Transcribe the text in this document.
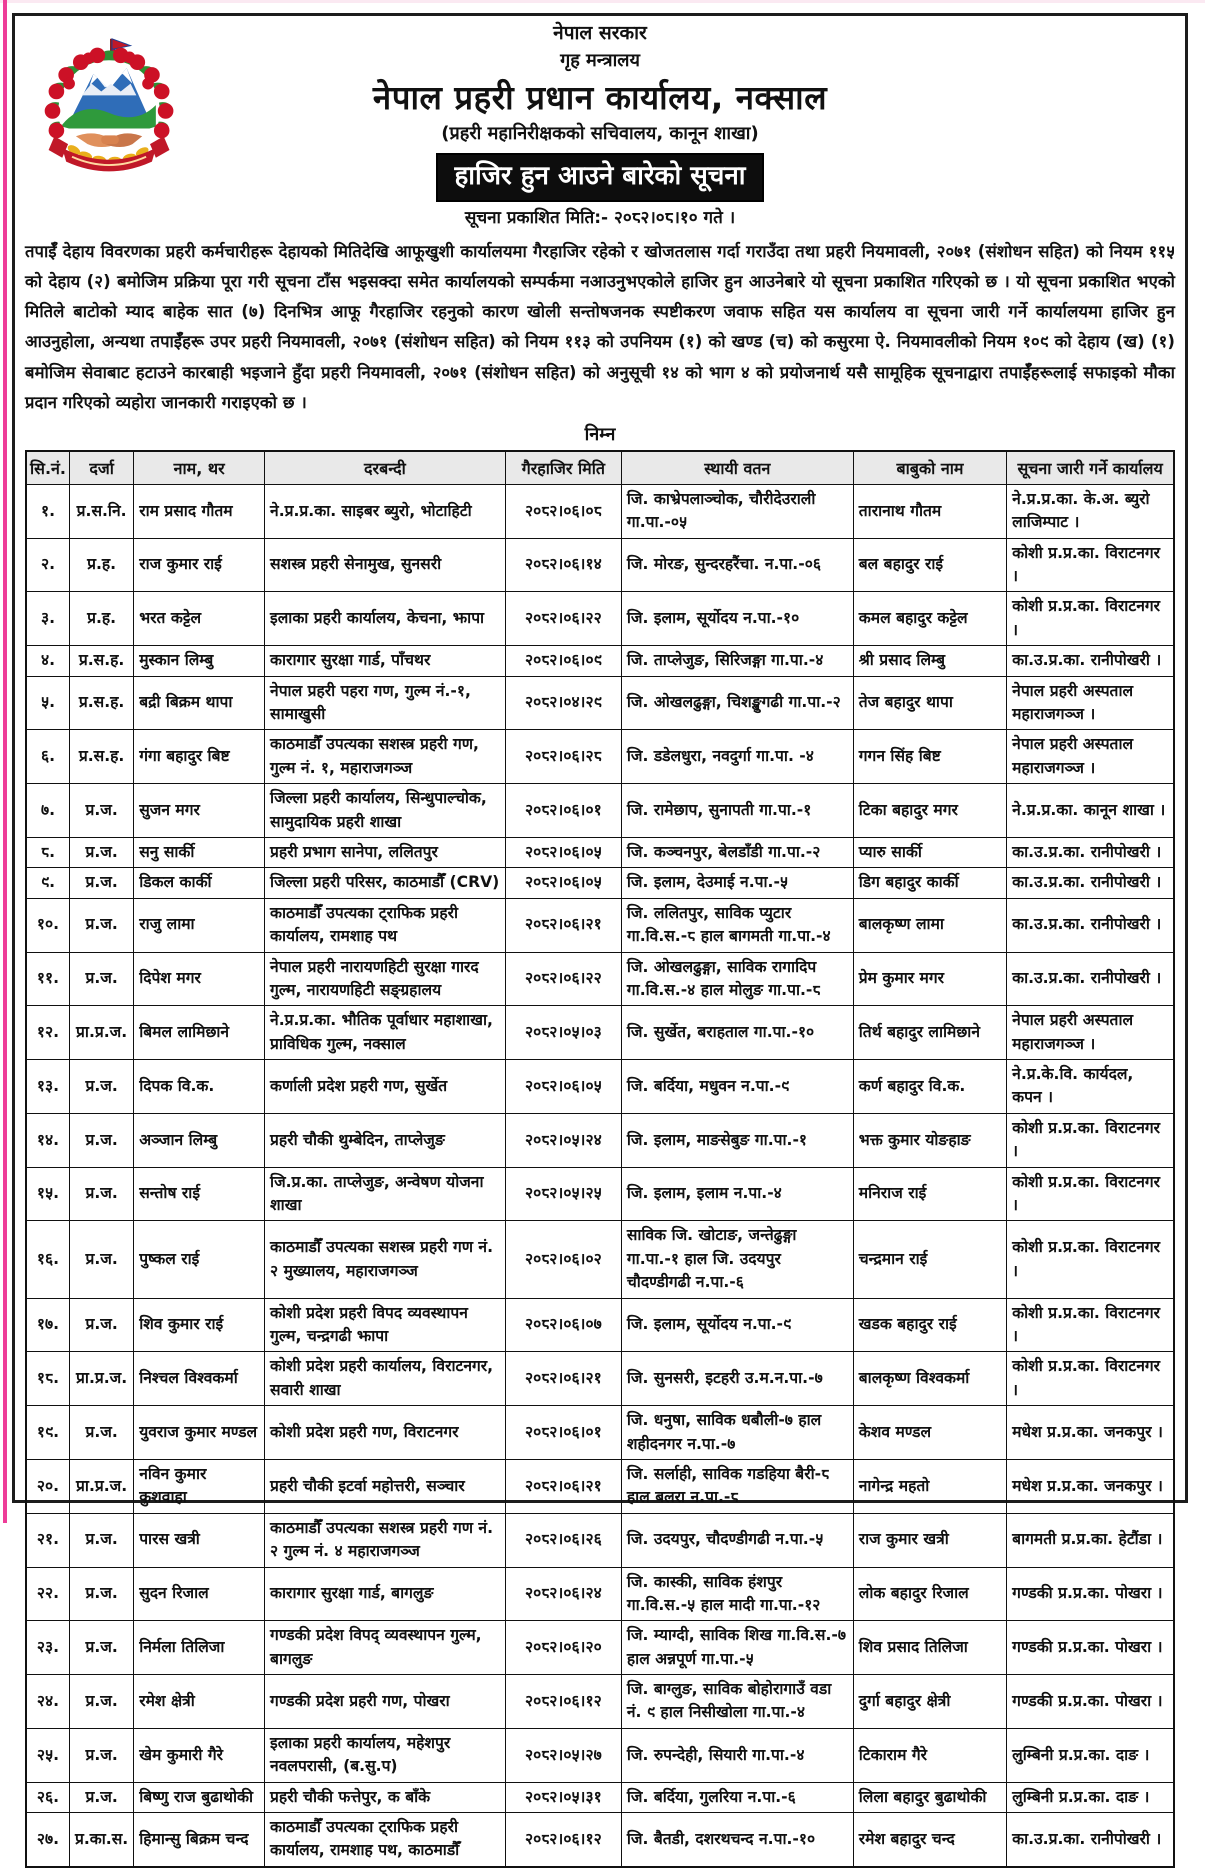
नेपाल सरकार
गृह मन्त्रालय
नेपाल प्रहरी प्रधान कार्यालय, नक्साल
(प्रहरी महानिरीक्षकको सचिवालय, कानून शाखा)
हाजिर हुन आउने बारेको सूचना
सूचना प्रकाशित मिति:- २०८२।०८।१० गते ।
तपाईँ देहाय विवरणका प्रहरी कर्मचारीहरू देहायको मितिदेखि आफूखुशी कार्यालयमा गैरहाजिर रहेको र खोजतलास गर्दा गराउँदा तथा प्रहरी नियमावली, २०७१ (संशोधन सहित) को नियम ११५ को देहाय (२) बमोजिम प्रक्रिया पूरा गरी सूचना टाँस भइसक्दा समेत कार्यालयको सम्पर्कमा नआउनुभएकोले हाजिर हुन आउनेबारे यो सूचना प्रकाशित गरिएको छ । यो सूचना प्रकाशित भएको मितिले बाटोको म्याद बाहेक सात (७) दिनभित्र आफू गैरहाजिर रहनुको कारण खोली सन्तोषजनक स्पष्टीकरण जवाफ सहित यस कार्यालय वा सूचना जारी गर्ने कार्यालयमा हाजिर हुन आउनुहोला, अन्यथा तपाईँहरू उपर प्रहरी नियमावली, २०७१ (संशोधन सहित) को नियम ११३ को उपनियम (१) को खण्ड (च) को कसुरमा ऐ. नियमावलीको नियम १०९ को देहाय (ख) (१) बमोजिम सेवाबाट हटाउने कारबाही भइजाने हुँदा प्रहरी नियमावली, २०७१ (संशोधन सहित) को अनुसूची १४ को भाग ४ को प्रयोजनार्थ यसै सामूहिक सूचनाद्वारा तपाईँहरूलाई सफाइको मौका प्रदान गरिएको व्यहोरा जानकारी गराइएको छ ।
निम्न
सि.नं.	दर्जा	नाम, थर	दरबन्दी	गैरहाजिर मिति	स्थायी वतन	बाबुको नाम	सूचना जारी गर्ने कार्यालय
१.	प्र.स.नि.	राम प्रसाद गौतम	ने.प्र.प्र.का. साइबर ब्युरो, भोटाहिटी	२०८२।०६।०८	जि. काभ्रेपलाञ्चोक, चौरीदेउराली गा.पा.-०५	तारानाथ गौतम	ने.प्र.प्र.का. के.अ. ब्युरो लाजिम्पाट ।
२.	प्र.ह.	राज कुमार राई	सशस्त्र प्रहरी सेनामुख, सुनसरी	२०८२।०६।१४	जि. मोरङ, सुन्दरहरैंचा. न.पा.-०६	बल बहादुर राई	कोशी प्र.प्र.का. विराटनगर ।
३.	प्र.ह.	भरत कट्टेल	इलाका प्रहरी कार्यालय, केचना, झापा	२०८२।०६।२२	जि. इलाम, सूर्योदय न.पा.-१०	कमल बहादुर कट्टेल	कोशी प्र.प्र.का. विराटनगर ।
४.	प्र.स.ह.	मुस्कान लिम्बु	कारागार सुरक्षा गार्ड, पाँचथर	२०८२।०६।०९	जि. ताप्लेजुङ, सिरिजङ्गा गा.पा.-४	श्री प्रसाद लिम्बु	का.उ.प्र.का. रानीपोखरी ।
५.	प्र.स.ह.	बद्री बिक्रम थापा	नेपाल प्रहरी पहरा गण, गुल्म नं.-१, सामाखुसी	२०८२।०४।२९	जि. ओखलढुङ्गा, चिशङ्खुगढी गा.पा.-२	तेज बहादुर थापा	नेपाल प्रहरी अस्पताल महाराजगञ्ज ।
६.	प्र.स.ह.	गंगा बहादुर बिष्ट	काठमाडौँ उपत्यका सशस्त्र प्रहरी गण, गुल्म नं. १, महाराजगञ्ज	२०८२।०६।२८	जि. डडेलधुरा, नवदुर्गा गा.पा. -४	गगन सिंह बिष्ट	नेपाल प्रहरी अस्पताल महाराजगञ्ज ।
७.	प्र.ज.	सुजन मगर	जिल्ला प्रहरी कार्यालय, सिन्धुपाल्चोक, सामुदायिक प्रहरी शाखा	२०८२।०६।०१	जि. रामेछाप, सुनापती गा.पा.-१	टिका बहादुर मगर	ने.प्र.प्र.का. कानून शाखा ।
८.	प्र.ज.	सनु सार्की	प्रहरी प्रभाग सानेपा, ललितपुर	२०८२।०६।०५	जि. कञ्चनपुर, बेलडाँडी गा.पा.-२	प्यारु सार्की	का.उ.प्र.का. रानीपोखरी ।
९.	प्र.ज.	डिकल कार्की	जिल्ला प्रहरी परिसर, काठमाडौँ (CRV)	२०८२।०६।०५	जि. इलाम, देउमाई न.पा.-५	डिग बहादुर कार्की	का.उ.प्र.का. रानीपोखरी ।
१०.	प्र.ज.	राजु लामा	काठमाडौँ उपत्यका ट्राफिक प्रहरी कार्यालय, रामशाह पथ	२०८२।०६।२१	जि. ललितपुर, साविक प्युटार गा.वि.स.-८ हाल बागमती गा.पा.-४	बालकृष्ण लामा	का.उ.प्र.का. रानीपोखरी ।
११.	प्र.ज.	दिपेश मगर	नेपाल प्रहरी नारायणहिटी सुरक्षा गारद गुल्म, नारायणहिटी सङ्ग्रहालय	२०८२।०६।२२	जि. ओखलढुङ्गा, साविक रागादिप गा.वि.स.-४ हाल मोलुङ गा.पा.-८	प्रेम कुमार मगर	का.उ.प्र.का. रानीपोखरी ।
१२.	प्रा.प्र.ज.	बिमल लामिछाने	ने.प्र.प्र.का. भौतिक पूर्वाधार महाशाखा, प्राविधिक गुल्म, नक्साल	२०८२।०५।०३	जि. सुर्खेत, बराहताल गा.पा.-१०	तिर्थ बहादुर लामिछाने	नेपाल प्रहरी अस्पताल महाराजगञ्ज ।
१३.	प्र.ज.	दिपक वि.क.	कर्णाली प्रदेश प्रहरी गण, सुर्खेत	२०८२।०६।०५	जि. बर्दिया, मधुवन न.पा.-९	कर्ण बहादुर वि.क.	ने.प्र.के.वि. कार्यदल, कपन ।
१४.	प्र.ज.	अञ्जान लिम्बु	प्रहरी चौकी थुम्बेदिन, ताप्लेजुङ	२०८२।०५।२४	जि. इलाम, माङसेबुङ गा.पा.-१	भक्त कुमार योङहाङ	कोशी प्र.प्र.का. विराटनगर ।
१५.	प्र.ज.	सन्तोष राई	जि.प्र.का. ताप्लेजुङ, अन्वेषण योजना शाखा	२०८२।०५।२५	जि. इलाम, इलाम न.पा.-४	मनिराज राई	कोशी प्र.प्र.का. विराटनगर ।
१६.	प्र.ज.	पुष्कल राई	काठमाडौँ उपत्यका सशस्त्र प्रहरी गण नं. २ मुख्यालय, महाराजगञ्ज	२०८२।०६।०२	साविक जि. खोटाङ, जन्तेढुङ्गा गा.पा.-१ हाल जि. उदयपुर चौदण्डीगढी न.पा.-६	चन्द्रमान राई	कोशी प्र.प्र.का. विराटनगर ।
१७.	प्र.ज.	शिव कुमार राई	कोशी प्रदेश प्रहरी विपद व्यवस्थापन गुल्म, चन्द्रगढी झापा	२०८२।०६।०७	जि. इलाम, सूर्योदय न.पा.-९	खडक बहादुर राई	कोशी प्र.प्र.का. विराटनगर ।
१८.	प्रा.प्र.ज.	निश्चल विश्वकर्मा	कोशी प्रदेश प्रहरी कार्यालय, विराटनगर, सवारी शाखा	२०८२।०६।२१	जि. सुनसरी, इटहरी उ.म.न.पा.-७	बालकृष्ण विश्वकर्मा	कोशी प्र.प्र.का. विराटनगर ।
१९.	प्र.ज.	युवराज कुमार मण्डल	कोशी प्रदेश प्रहरी गण, विराटनगर	२०८२।०६।०१	जि. धनुषा, साविक धबौली-७ हाल शहीदनगर न.पा.-७	केशव मण्डल	मधेश प्र.प्र.का. जनकपुर ।
२०.	प्रा.प्र.ज.	नविन कुमार कुशवाहा	प्रहरी चौकी इटर्वा महोत्तरी, सञ्चार	२०८२।०६।२१	जि. सर्लाही, साविक गडहिया बैरी-८ हाल बलरा न.पा.-८	नागेन्द्र महतो	मधेश प्र.प्र.का. जनकपुर ।
२१.	प्र.ज.	पारस खत्री	काठमाडौँ उपत्यका सशस्त्र प्रहरी गण नं. २ गुल्म नं. ४ महाराजगञ्ज	२०८२।०६।२६	जि. उदयपुर, चौदण्डीगढी न.पा.-५	राज कुमार खत्री	बागमती प्र.प्र.का. हेटौंडा ।
२२.	प्र.ज.	सुदन रिजाल	कारागार सुरक्षा गार्ड, बागलुङ	२०८२।०६।२४	जि. कास्की, साविक हंशपुर गा.वि.स.-५ हाल मादी गा.पा.-१२	लोक बहादुर रिजाल	गण्डकी प्र.प्र.का. पोखरा ।
२३.	प्र.ज.	निर्मला तिलिजा	गण्डकी प्रदेश विपद् व्यवस्थापन गुल्म, बागलुङ	२०८२।०६।२०	जि. म्याग्दी, साविक शिख गा.वि.स.-७ हाल अन्नपूर्ण गा.पा.-५	शिव प्रसाद तिलिजा	गण्डकी प्र.प्र.का. पोखरा ।
२४.	प्र.ज.	रमेश क्षेत्री	गण्डकी प्रदेश प्रहरी गण, पोखरा	२०८२।०६।१२	जि. बाग्लुङ, साविक बोहोरागाउँ वडा नं. ९ हाल निसीखोला गा.पा.-४	दुर्गा बहादुर क्षेत्री	गण्डकी प्र.प्र.का. पोखरा ।
२५.	प्र.ज.	खेम कुमारी गैरे	इलाका प्रहरी कार्यालय, महेशपुर नवलपरासी, (ब.सु.प)	२०८२।०५।२७	जि. रुपन्देही, सियारी गा.पा.-४	टिकाराम गैरे	लुम्बिनी प्र.प्र.का. दाङ ।
२६.	प्र.ज.	बिष्णु राज बुढाथोकी	प्रहरी चौकी फत्तेपुर, क बाँके	२०८२।०५।३१	जि. बर्दिया, गुलरिया न.पा.-६	लिला बहादुर बुढाथोकी	लुम्बिनी प्र.प्र.का. दाङ ।
२७.	प्र.का.स.	हिमान्सु बिक्रम चन्द	काठमाडौँ उपत्यका ट्राफिक प्रहरी कार्यालय, रामशाह पथ, काठमाडौँ	२०८२।०६।१२	जि. बैतडी, दशरथचन्द न.पा.-१०	रमेश बहादुर चन्द	का.उ.प्र.का. रानीपोखरी ।
